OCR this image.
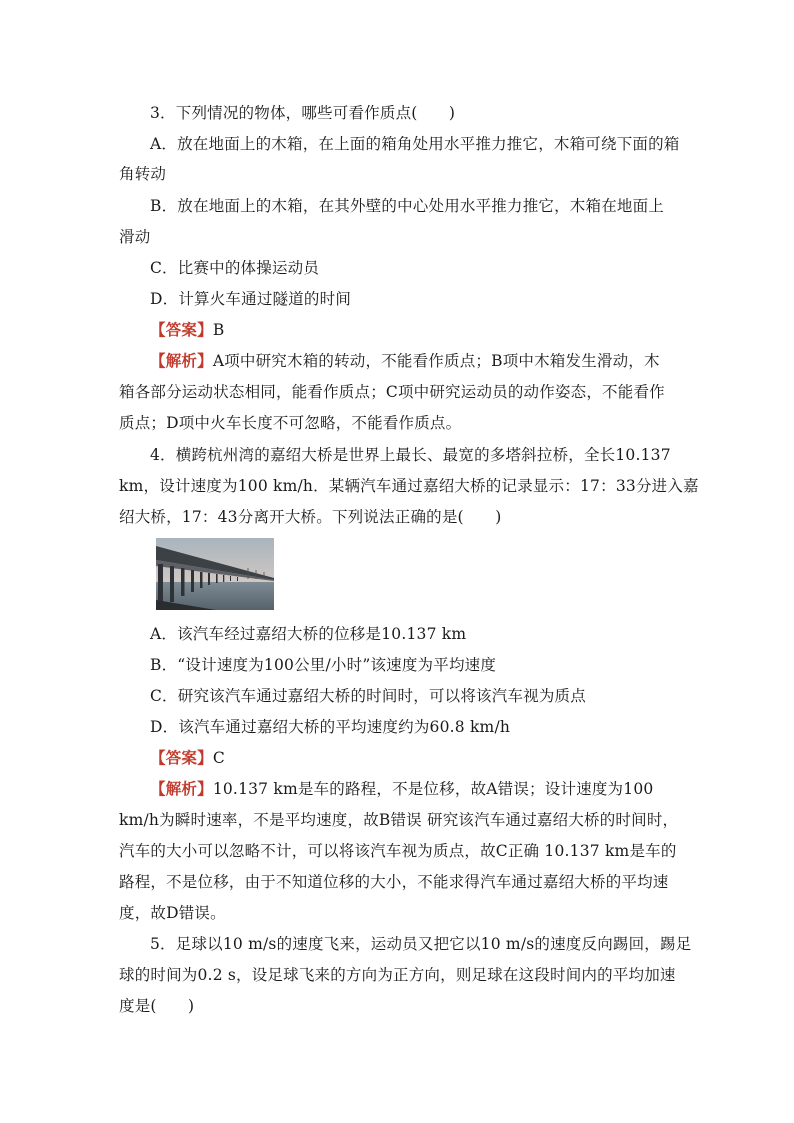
3．下列情况的物体，哪些可看作质点(　　)
A．放在地面上的木箱，在上面的箱角处用水平推力推它，木箱可绕下面的箱
角转动
B．放在地面上的木箱，在其外壁的中心处用水平推力推它，木箱在地面上
滑动
C．比赛中的体操运动员
D．计算火车通过隧道的时间
【答案】B
【解析】A项中研究木箱的转动，不能看作质点；B项中木箱发生滑动，木
箱各部分运动状态相同，能看作质点；C项中研究运动员的动作姿态，不能看作
质点；D项中火车长度不可忽略，不能看作质点。
4．横跨杭州湾的嘉绍大桥是世界上最长、最宽的多塔斜拉桥，全长10.137
km，设计速度为100 km/h．某辆汽车通过嘉绍大桥的记录显示：17：33分进入嘉
绍大桥，17：43分离开大桥。下列说法正确的是(　　)
A．该汽车经过嘉绍大桥的位移是10.137 km
B．“设计速度为100公里/小时”该速度为平均速度
C．研究该汽车通过嘉绍大桥的时间时，可以将该汽车视为质点
D．该汽车通过嘉绍大桥的平均速度约为60.8 km/h
【答案】C
【解析】10.137 km是车的路程，不是位移，故A错误；设计速度为100
km/h为瞬时速率，不是平均速度，故B错误 研究该汽车通过嘉绍大桥的时间时，
汽车的大小可以忽略不计，可以将该汽车视为质点，故C正确 10.137 km是车的
路程，不是位移，由于不知道位移的大小，不能求得汽车通过嘉绍大桥的平均速
度，故D错误。
5．足球以10 m/s的速度飞来，运动员又把它以10 m/s的速度反向踢回，踢足
球的时间为0.2 s，设足球飞来的方向为正方向，则足球在这段时间内的平均加速
度是(　　)
